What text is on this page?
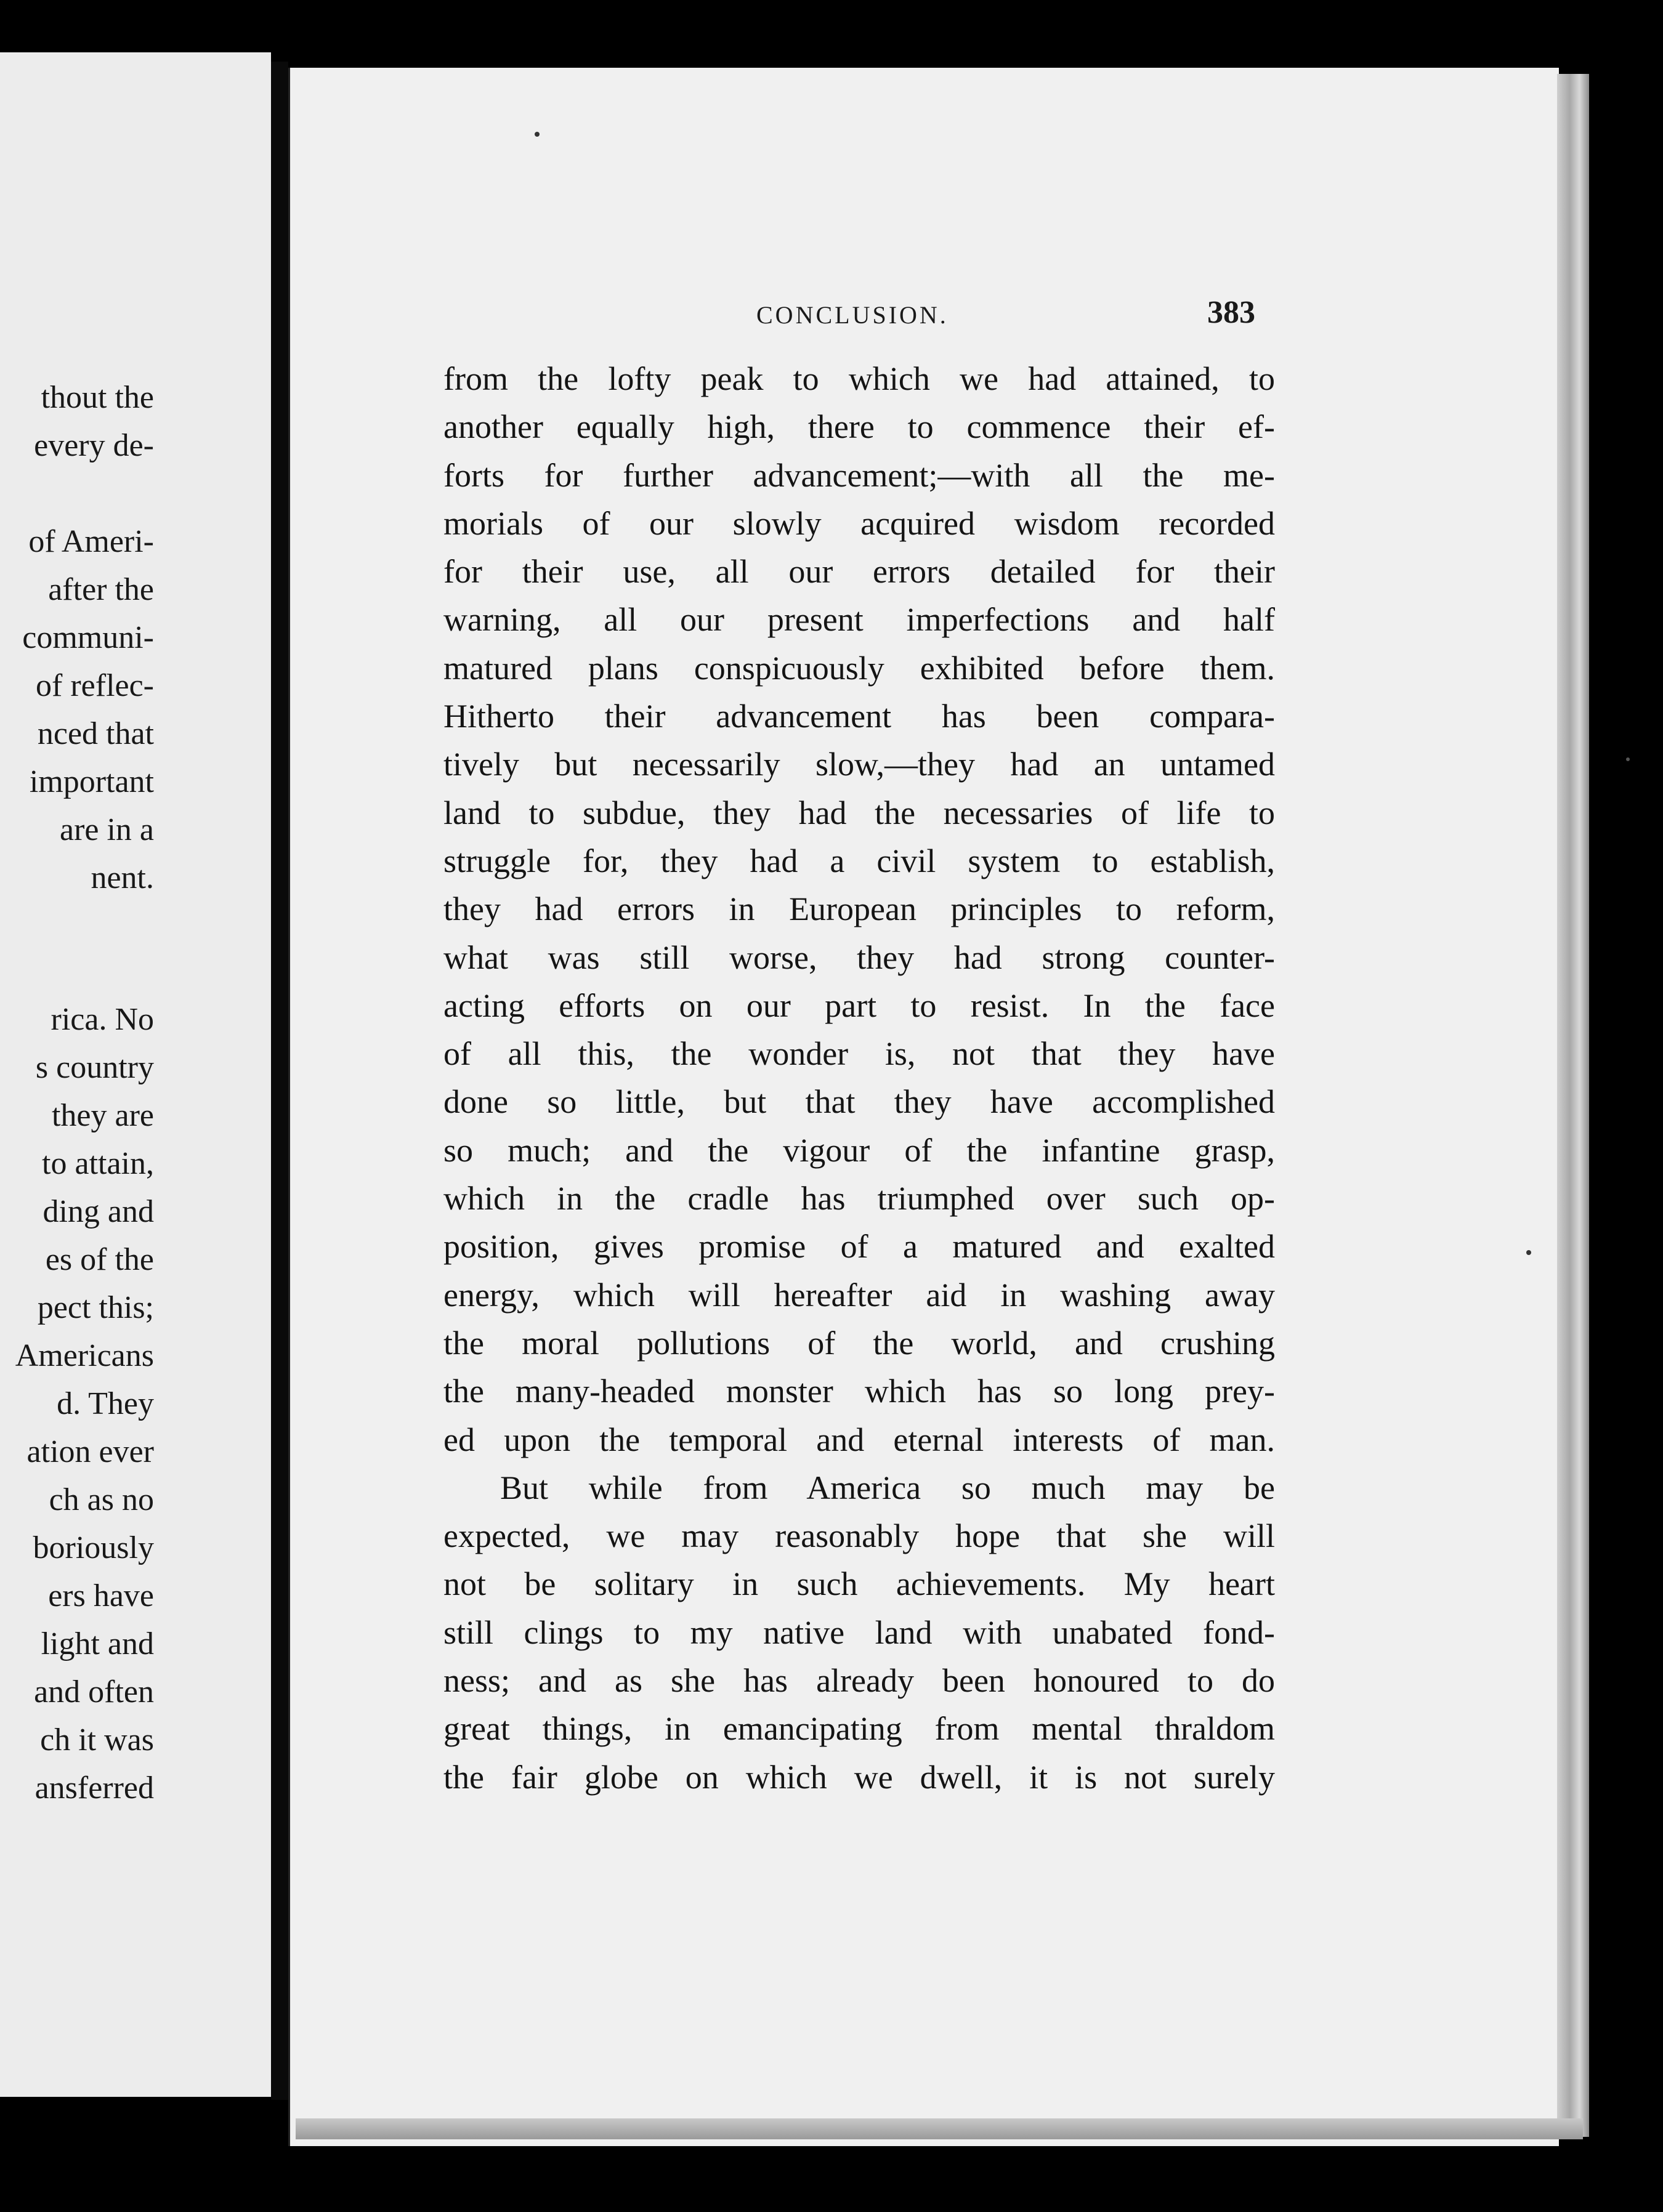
thout the
every de-
of Ameri-
after the
communi-
of reflec-
nced that
important
are in a
nent.
rica. No
s country
they are
to attain,
ding and
es of the
pect this;
Americans
d. They
ation ever
ch as no
boriously
ers have
light and
and often
ch it was
ansferred
CONCLUSION.	383
from the lofty peak to which we had attained, to
another equally high, there to commence their ef-
forts for further advancement;—with all the me-
morials of our slowly acquired wisdom recorded
for their use, all our errors detailed for their
warning, all our present imperfections and half
matured plans conspicuously exhibited before them.
Hitherto their advancement has been compara-
tively but necessarily slow,—they had an untamed
land to subdue, they had the necessaries of life to
struggle for, they had a civil system to establish,
they had errors in European principles to reform,
what was still worse, they had strong counter-
acting efforts on our part to resist. In the face
of all this, the wonder is, not that they have
done so little, but that they have accomplished
so much; and the vigour of the infantine grasp,
which in the cradle has triumphed over such op-
position, gives promise of a matured and exalted
energy, which will hereafter aid in washing away
the moral pollutions of the world, and crushing
the many-headed monster which has so long prey-
ed upon the temporal and eternal interests of man.
But while from America so much may be
expected, we may reasonably hope that she will
not be solitary in such achievements. My heart
still clings to my native land with unabated fond-
ness; and as she has already been honoured to do
great things, in emancipating from mental thraldom
the fair globe on which we dwell, it is not surely
